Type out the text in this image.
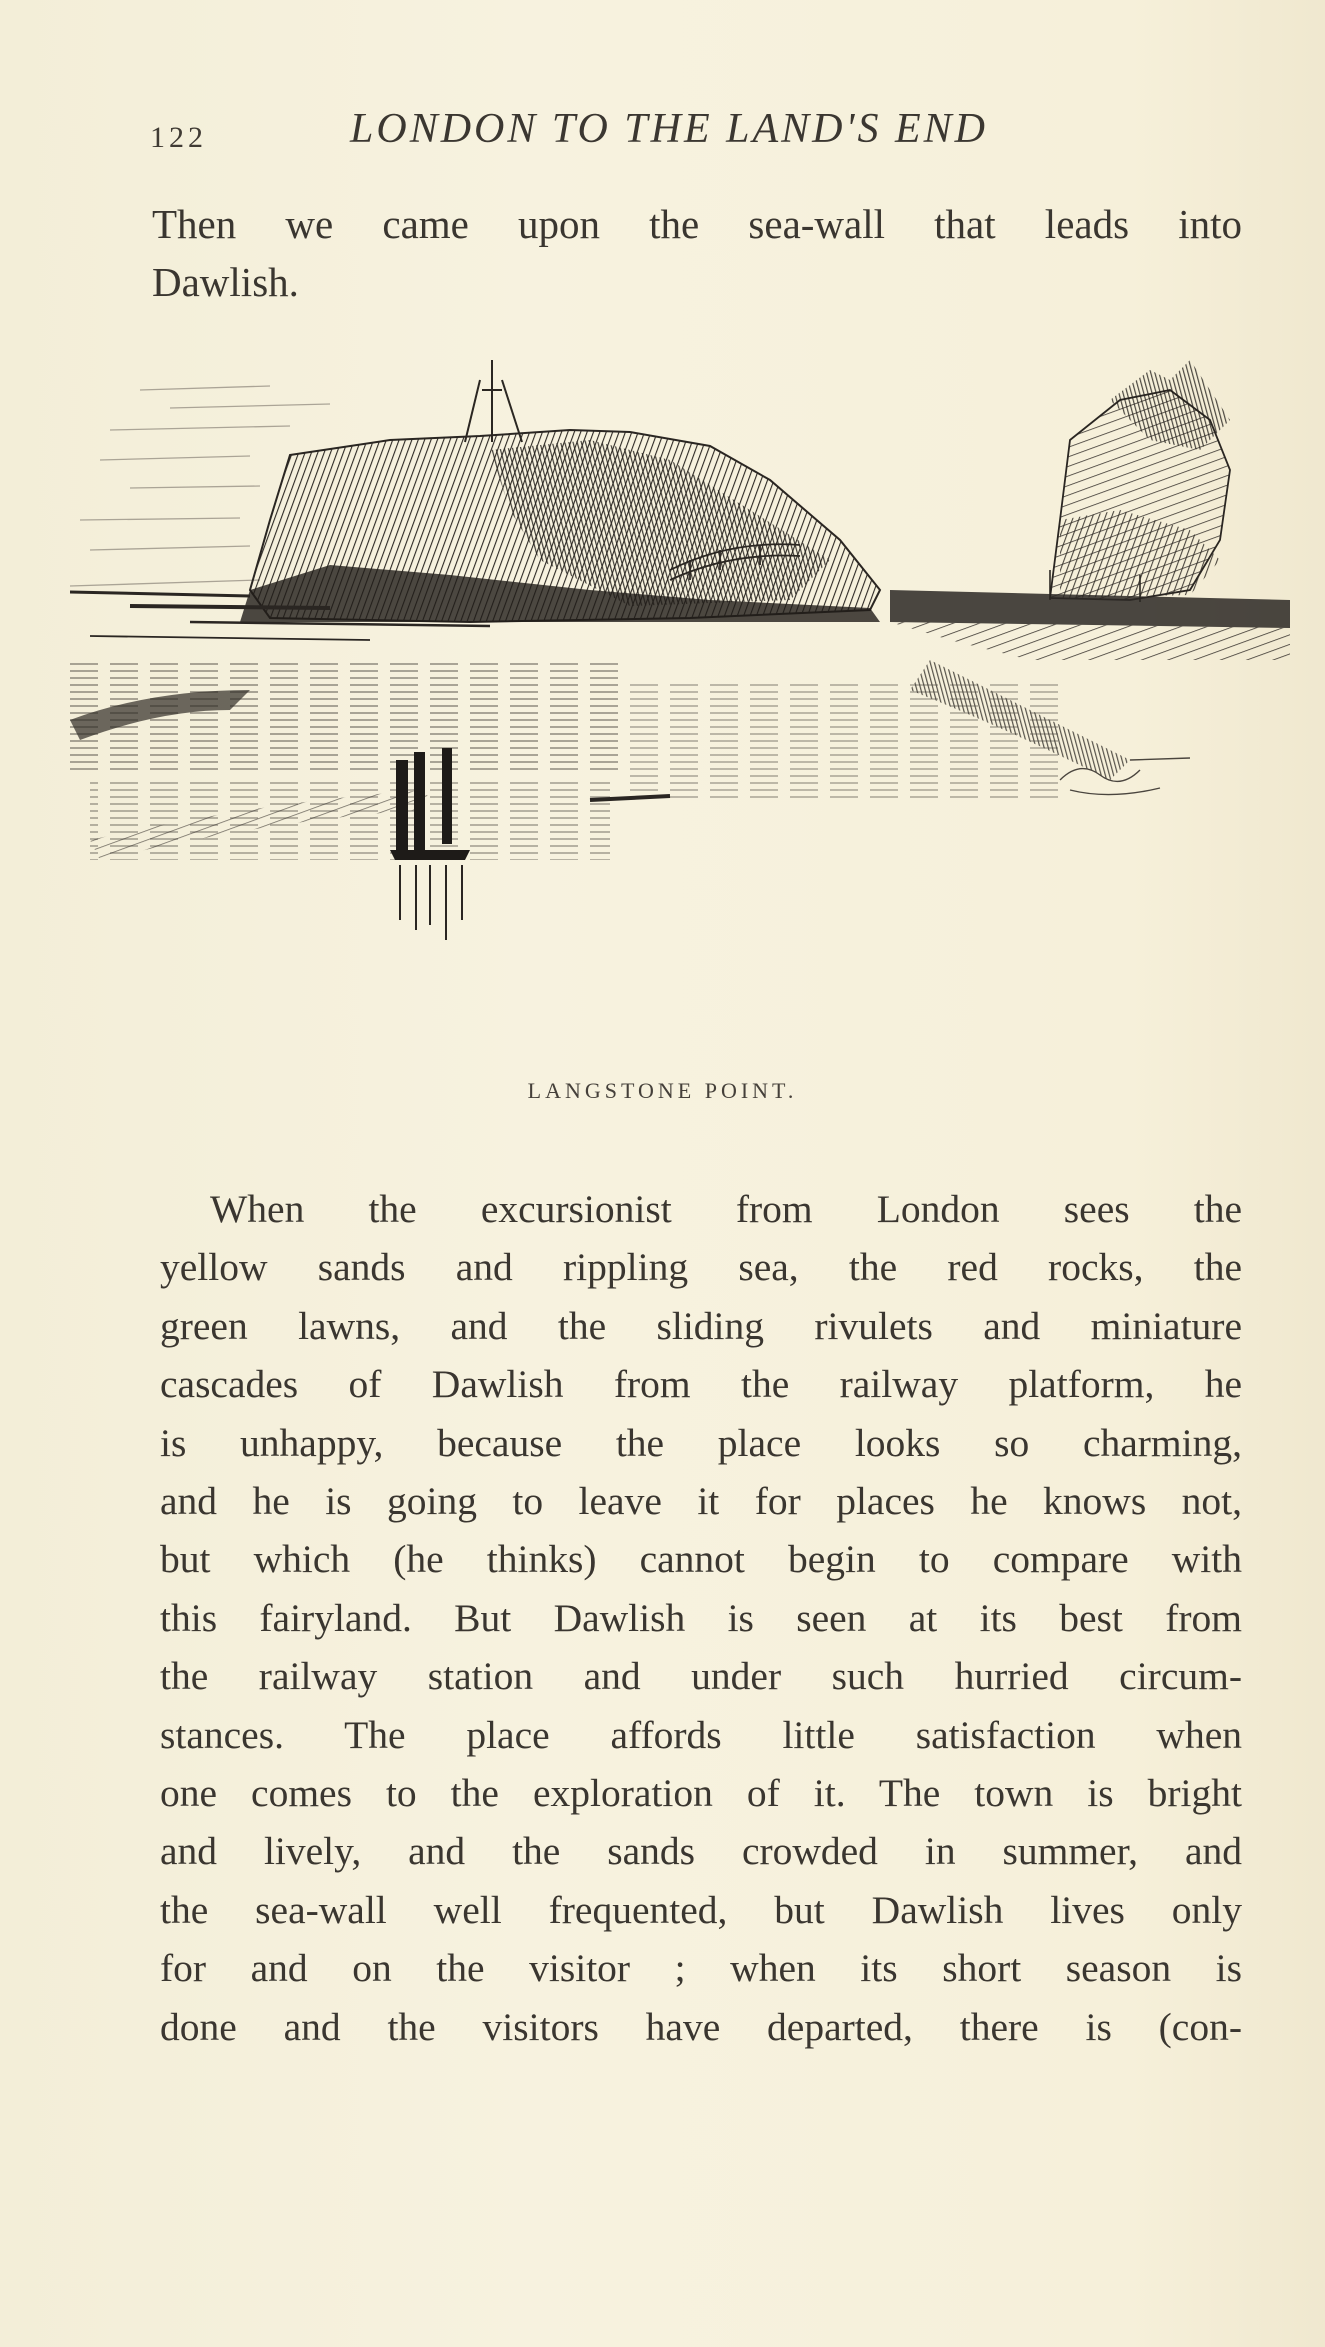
122	LONDON TO THE LAND'S END

Then we came upon the sea-wall that leads into
Dawlish.

LANGSTONE POINT.
When the excursionist from London sees the
yellow sands and rippling sea, the red rocks, the
green lawns, and the sliding rivulets and miniature
cascades of Dawlish from the railway platform, he
is unhappy, because the place looks so charming,
and he is going to leave it for places he knows not,
but which (he thinks) cannot begin to compare with
this fairyland. But Dawlish is seen at its best from
the railway station and under such hurried circum-
stances. The place affords little satisfaction when
one comes to the exploration of it. The town is bright
and lively, and the sands crowded in summer, and
the sea-wall well frequented, but Dawlish lives only
for and on the visitor ; when its short season is
done and the visitors have departed, there is (con-
